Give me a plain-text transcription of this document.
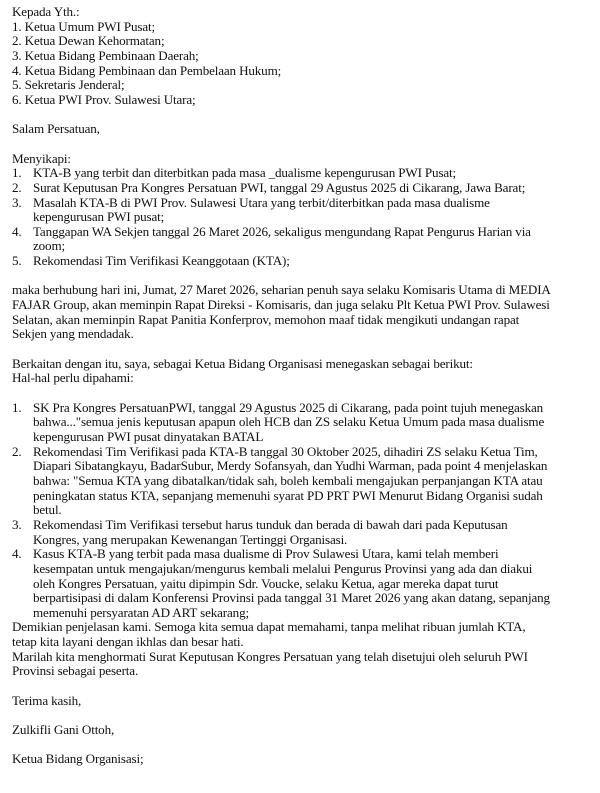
Kepada Yth.:
1. Ketua Umum PWI Pusat;
2. Ketua Dewan Kehormatan;
3. Ketua Bidang Pembinaan Daerah;
4. Ketua Bidang Pembinaan dan Pembelaan Hukum;
5. Sekretaris Jenderal;
6. Ketua PWI Prov. Sulawesi Utara;
Salam Persatuan,
Menyikapi:
1. KTA-B yang terbit dan diterbitkan pada masa _dualisme kepengurusan PWI Pusat;
2. Surat Keputusan Pra Kongres Persatuan PWI, tanggal 29 Agustus 2025 di Cikarang, Jawa Barat;
3. Masalah KTA-B di PWI Prov. Sulawesi Utara yang terbit/diterbitkan pada masa dualisme
kepengurusan PWI pusat;
4. Tanggapan WA Sekjen tanggal 26 Maret 2026, sekaligus mengundang Rapat Pengurus Harian via
zoom;
5. Rekomendasi Tim Verifikasi Keanggotaan (KTA);
maka berhubung hari ini, Jumat, 27 Maret 2026, seharian penuh saya selaku Komisaris Utama di MEDIA
FAJAR Group, akan meminpin Rapat Direksi - Komisaris, dan juga selaku Plt Ketua PWI Prov. Sulawesi
Selatan, akan meminpin Rapat Panitia Konferprov, memohon maaf tidak mengikuti undangan rapat
Sekjen yang mendadak.
Berkaitan dengan itu, saya, sebagai Ketua Bidang Organisasi menegaskan sebagai berikut:
Hal-hal perlu dipahami:
1. SK Pra Kongres PersatuanPWI, tanggal 29 Agustus 2025 di Cikarang, pada point tujuh menegaskan
bahwa..."semua jenis keputusan apapun oleh HCB dan ZS selaku Ketua Umum pada masa dualisme
kepengurusan PWI pusat dinyatakan BATAL
2. Rekomendasi Tim Verifikasi pada KTA-B tanggal 30 Oktober 2025, dihadiri ZS selaku Ketua Tim,
Diapari Sibatangkayu, BadarSubur, Merdy Sofansyah, dan Yudhi Warman, pada point 4 menjelaskan
bahwa: "Semua KTA yang dibatalkan/tidak sah, boleh kembali mengajukan perpanjangan KTA atau
peningkatan status KTA, sepanjang memenuhi syarat PD PRT PWI Menurut Bidang Organisi sudah
betul.
3. Rekomendasi Tim Verifikasi tersebut harus tunduk dan berada di bawah dari pada Keputusan
Kongres, yang merupakan Kewenangan Tertinggi Organisasi.
4. Kasus KTA-B yang terbit pada masa dualisme di Prov Sulawesi Utara, kami telah memberi
kesempatan untuk mengajukan/mengurus kembali melalui Pengurus Provinsi yang ada dan diakui
oleh Kongres Persatuan, yaitu dipimpin Sdr. Voucke, selaku Ketua, agar mereka dapat turut
berpartisipasi di dalam Konferensi Provinsi pada tanggal 31 Maret 2026 yang akan datang, sepanjang
memenuhi persyaratan AD ART sekarang;
Demikian penjelasan kami. Semoga kita semua dapat memahami, tanpa melihat ribuan jumlah KTA,
tetap kita layani dengan ikhlas dan besar hati.
Marilah kita menghormati Surat Keputusan Kongres Persatuan yang telah disetujui oleh seluruh PWI
Provinsi sebagai peserta.
Terima kasih,
Zulkifli Gani Ottoh,
Ketua Bidang Organisasi;
